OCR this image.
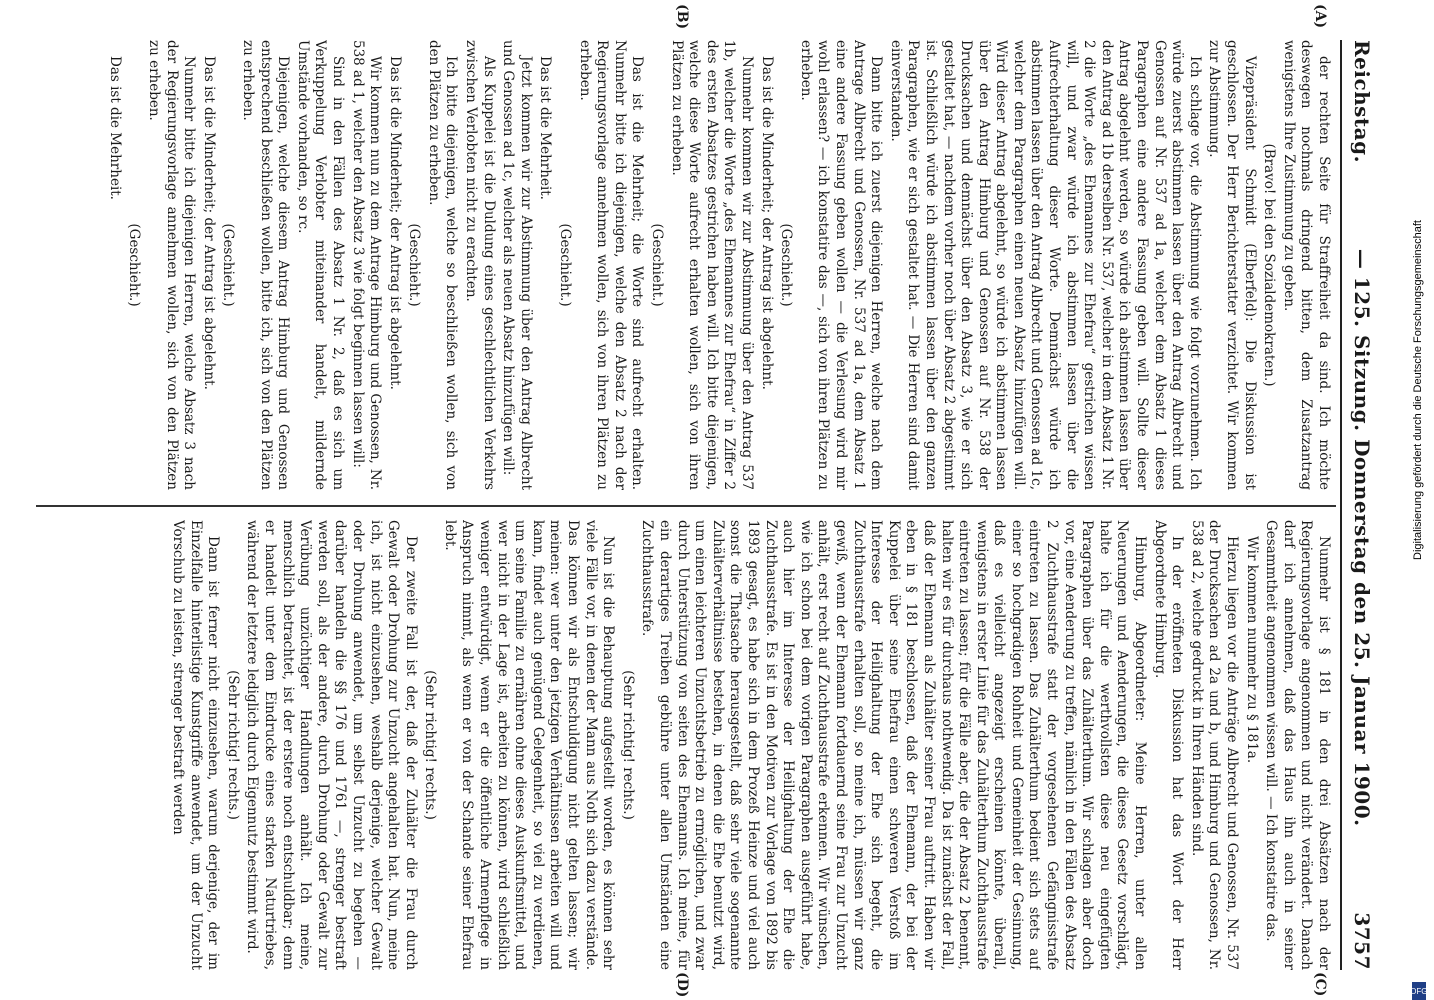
Reichstag.
— 125. Sitzung. Donnerstag den 25. Januar 1900.
3757
(A)
(B)
(C)
(D)

der rechten Seite für Straffreiheit da sind. Ich möchte deswegen nochmals dringend bitten, dem Zusatzantrag wenigstens Ihre Zustimmung zu geben.

(Bravo! bei den Sozialdemokraten.)

Vizepräsident Schmidt (Elberfeld): Die Diskussion ist geschlossen. Der Herr Berichterstatter verzichtet. Wir kommen zur Abstimmung.

Ich schlage vor, die Abstimmung wie folgt vorzunehmen. Ich würde zuerst abstimmen lassen über den Antrag Albrecht und Genossen auf Nr. 537 ad 1a, welcher dem Absatz 1 dieses Paragraphen eine andere Fassung geben will. Sollte dieser Antrag abgelehnt werden, so würde ich abstimmen lassen über den Antrag ad 1b derselben Nr. 537, welcher in dem Absatz 1 Nr. 2 die Worte „des Ehemannes zur Ehefrau“ gestrichen wissen will, und zwar würde ich abstimmen lassen über die Aufrechterhaltung dieser Worte. Demnächst würde ich abstimmen lassen über den Antrag Albrecht und Genossen ad 1c, welcher dem Paragraphen einen neuen Absatz hinzufügen will. Wird dieser Antrag abgelehnt, so würde ich abstimmen lassen über den Antrag Himburg und Genossen auf Nr. 538 der Drucksachen und demnächst über den Absatz 3, wie er sich gestaltet hat, — nachdem vorher noch über Absatz 2 abgestimmt ist. Schließlich würde ich abstimmen lassen über den ganzen Paragraphen, wie er sich gestaltet hat. — Die Herren sind damit einverstanden.

Dann bitte ich zuerst diejenigen Herren, welche nach dem Antrage Albrecht und Genossen, Nr. 537 ad 1a, dem Absatz 1 eine andere Fassung geben wollen — die Verlesung wird mir wohl erlassen? — ich konstatire das —, sich von ihren Plätzen zu erheben.

(Geschieht.)

Das ist die Minderheit; der Antrag ist abgelehnt.

Nunmehr kommen wir zur Abstimmung über den Antrag 537 1b, welcher die Worte „des Ehemannes zur Ehefrau“ in Ziffer 2 des ersten Absatzes gestrichen haben will. Ich bitte diejenigen, welche diese Worte aufrecht erhalten wollen, sich von ihren Plätzen zu erheben.

(Geschieht.)

Das ist die Mehrheit; die Worte sind aufrecht erhalten. Nunmehr bitte ich diejenigen, welche den Absatz 2 nach der Regierungsvorlage annehmen wollen, sich von ihren Plätzen zu erheben.

(Geschieht.)

Das ist die Mehrheit.

Jetzt kommen wir zur Abstimmung über den Antrag Albrecht und Genossen ad 1c, welcher als neuen Absatz hinzufügen will:

Als Kuppelei ist die Duldung eines geschlechtlichen Verkehrs zwischen Verlobten nicht zu erachten.

Ich bitte diejenigen, welche so beschließen wollen, sich von den Plätzen zu erheben.

(Geschieht.)

Das ist die Minderheit; der Antrag ist abgelehnt.

Wir kommen nun zu dem Antrage Himburg und Genossen, Nr. 538 ad 1, welcher den Absatz 3 wie folgt beginnen lassen will:

Sind in den Fällen des Absatz 1 Nr. 2, daß es sich um Verkuppelung Verlobter miteinander handelt, mildernde Umstände vorhanden, so rc.

Diejenigen, welche diesem Antrag Himburg und Genossen entsprechend beschließen wollen, bitte ich, sich von den Plätzen zu erheben.

(Geschieht.)

Das ist die Minderheit; der Antrag ist abgelehnt.

Nunmehr bitte ich diejenigen Herren, welche Absatz 3 nach der Regierungsvorlage annehmen wollen, sich von den Plätzen zu erheben.

(Geschieht.)

Das ist die Mehrheit.

Nunmehr ist § 181 in den drei Absätzen nach der Regierungsvorlage angenommen und nicht verändert. Danach darf ich annehmen, daß das Haus ihn auch in seiner Gesammtheit angenommen wissen will. — Ich konstatire das.

Wir kommen nunmehr zu § 181a.

Hierzu liegen vor die Anträge Albrecht und Genossen, Nr. 537 der Drucksachen ad 2a und b, und Himburg und Genossen, Nr. 538 ad 2, welche gedruckt in Ihren Händen sind.

In der eröffneten Diskussion hat das Wort der Herr Abgeordnete Himburg.

Himburg, Abgeordneter: Meine Herren, unter allen Neuerungen und Aenderungen, die dieses Gesetz vorschlägt, halte ich für die werthvollsten diese neu eingefügten Paragraphen über das Zuhälterthum. Wir schlagen aber doch vor, eine Aenderung zu treffen, nämlich in den Fällen des Absatz 2 Zuchthausstrafe statt der vorgesehenen Gefängnisstrafe eintreten zu lassen. Das Zuhälterthum bedient sich stets auf einer so hochgradigen Rohheit und Gemeinheit der Gesinnung, daß es vielleicht angezeigt erscheinen könnte, überall, wenigstens in erster Linie für das Zuhälterthum Zuchthausstrafe eintreten zu lassen; für die Fälle aber, die der Absatz 2 benennt, halten wir es für durchaus nothwendig. Da ist zunächst der Fall, daß der Ehemann als Zuhälter seiner Frau auftritt. Haben wir eben in § 181 beschlossen, daß der Ehemann, der bei der Kuppelei über seine Ehefrau einen schweren Verstoß im Interesse der Heilighaltung der Ehe sich begeht, die Zuchthausstrafe erhalten soll, so meine ich, müssen wir ganz gewiß, wenn der Ehemann fortdauernd seine Frau zur Unzucht anhält, erst recht auf Zuchthausstrafe erkennen. Wir wünschen, wie ich schon bei dem vorigen Paragraphen ausgeführt habe, auch hier im Interesse der Heilighaltung der Ehe die Zuchthausstrafe. Es ist in den Motiven zur Vorlage von 1892 bis 1893 gesagt, es habe sich in dem Prozeß Heinze und viel auch sonst die Thatsache herausgestellt, daß sehr viele sogenannte Zuhälterverhältnisse bestehen, in denen die Ehe benutzt wird, um einen leichteren Unzuchtsbetrieb zu ermöglichen, und zwar durch Unterstützung von seiten des Ehemanns. Ich meine, für ein derartiges Treiben gebühre unter allen Umständen eine Zuchthausstrafe.

(Sehr richtig! rechts.)

Nun ist die Behauptung aufgestellt worden, es können sehr viele Fälle vor, in denen der Mann aus Noth sich dazu verstände. Das können wir als Entschuldigung nicht gelten lassen; wir meinen: wer unter den jetzigen Verhältnissen arbeiten will und kann, findet auch genügend Gelegenheit, so viel zu verdienen, um seine Familie zu ernähren ohne dieses Auskunftsmittel, und wer nicht in der Lage ist, arbeiten zu können, wird schließlich weniger entwürdigt, wenn er die öffentliche Armenpflege in Anspruch nimmt, als wenn er von der Schande seiner Ehefrau lebt.

(Sehr richtig! rechts.)

Der zweite Fall ist der, daß der Zuhälter die Frau durch Gewalt oder Drohung zur Unzucht angehalten hat. Nun, meine ich, ist nicht einzusehen, weshalb derjenige, welcher Gewalt oder Drohung anwendet, um selbst Unzucht zu begehen — darüber handeln die §§ 176 und 1761 —, strenger bestraft werden soll, als der andere, durch Drohung oder Gewalt zur Verübung unzüchtiger Handlungen anhält. Ich meine, menschlich betrachtet, ist der erstere noch entschuldbar; denn er handelt unter dem Eindrucke eines starken Naturtriebes, während der letztere lediglich durch Eigennutz bestimmt wird.

(Sehr richtig! rechts.)

Dann ist ferner nicht einzusehen, warum derjenige, der im Einzelfalle hinterlistige Kunstgriffe anwendet, um der Unzucht Vorschub zu leisten, strenger bestraft werden

Digitalisierung gefördert durch die Deutsche Forschungsgemeinschaft
DFG
